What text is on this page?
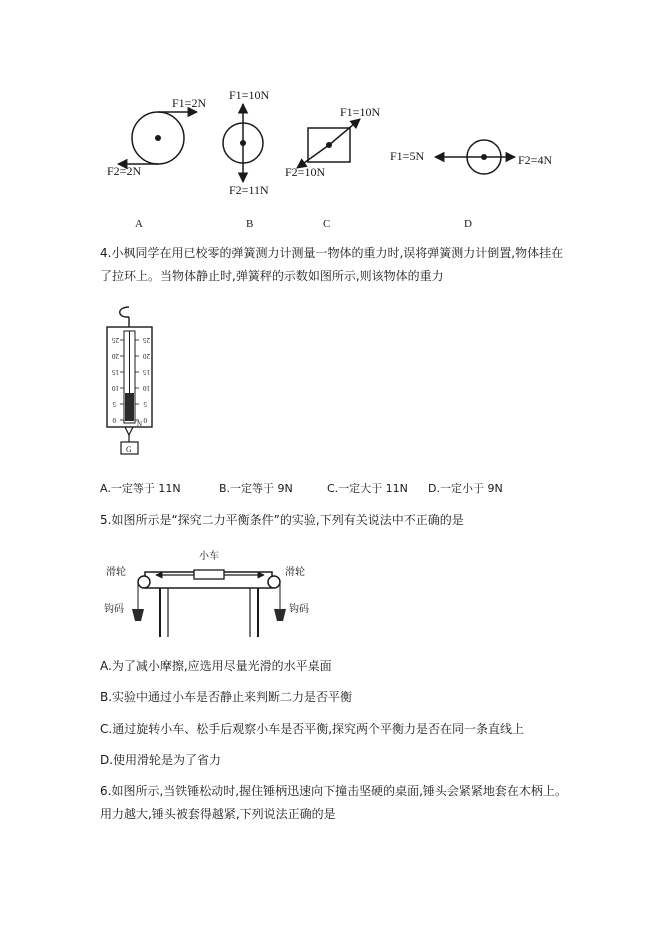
F1=2N
F2=2N
F1=10N
F2=11N
F1=10N
F2=10N
F1=5N	F2=4N
A	B	C	D
4.小枫同学在用已校零的弹簧测力计测量一物体的重力时,误将弹簧测力计倒置,物体挂在了拉环上。当物体静止时,弹簧秤的示数如图所示,则该物体的重力
25
20
15
10
5
0
25
20
15
10
5
0
N
G
A.一定等于 11N	B.一定等于 9N	C.一定大于 11N D.一定小于 9N
5.如图所示是“探究二力平衡条件”的实验,下列有关说法中不正确的是
小车
滑轮	滑轮
钩码	钩码
A.为了减小摩擦,应选用尽量光滑的水平桌面
B.实验中通过小车是否静止来判断二力是否平衡
C.通过旋转小车、松手后观察小车是否平衡,探究两个平衡力是否在同一条直线上
D.使用滑轮是为了省力
6.如图所示,当铁锤松动时,握住锤柄迅速向下撞击坚硬的桌面,锤头会紧紧地套在木柄上。用力越大,锤头被套得越紧,下列说法正确的是
